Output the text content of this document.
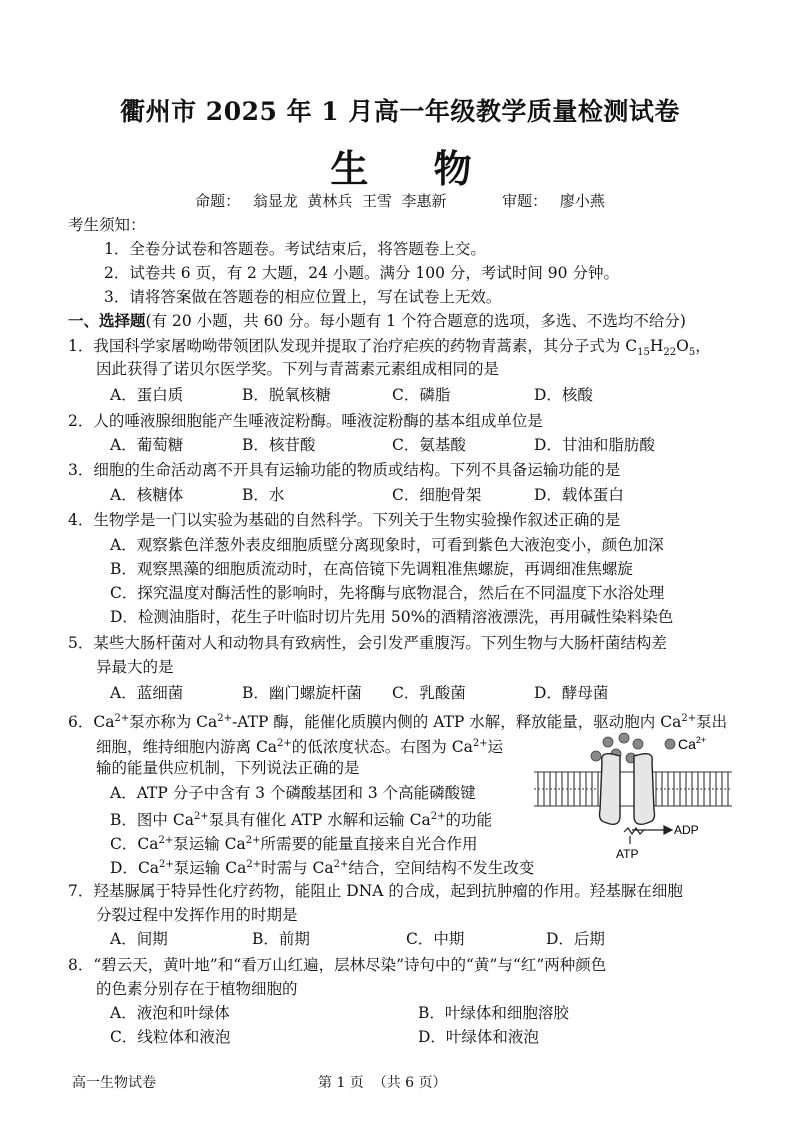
衢州市 2025 年 1 月高一年级教学质量检测试卷
生 物
命题： 翁显龙  黄林兵  王雪  李惠新	审题： 廖小燕
考生须知：
1．全卷分试卷和答题卷。考试结束后，将答题卷上交。
2．试卷共 6 页，有 2 大题，24 小题。满分 100 分，考试时间 90 分钟。
3．请将答案做在答题卷的相应位置上，写在试卷上无效。
一、选择题(有 20 小题，共 60 分。每小题有 1 个符合题意的选项，多选、不选均不给分)
1．我国科学家屠呦呦带领团队发现并提取了治疗疟疾的药物青蒿素，其分子式为 $C_{15}H_{22}O_5$，
因此获得了诺贝尔医学奖。下列与青蒿素元素组成相同的是
A．蛋白质	B．脱氧核糖	C．磷脂	D．核酸
2．人的唾液腺细胞能产生唾液淀粉酶。唾液淀粉酶的基本组成单位是
A．葡萄糖	B．核苷酸	C．氨基酸	D．甘油和脂肪酸
3．细胞的生命活动离不开具有运输功能的物质或结构。下列不具备运输功能的是
A．核糖体	B．水	C．细胞骨架	D．载体蛋白
4．生物学是一门以实验为基础的自然科学。下列关于生物实验操作叙述正确的是
A．观察紫色洋葱外表皮细胞质壁分离现象时，可看到紫色大液泡变小，颜色加深
B．观察黑藻的细胞质流动时，在高倍镜下先调粗准焦螺旋，再调细准焦螺旋
C．探究温度对酶活性的影响时，先将酶与底物混合，然后在不同温度下水浴处理
D．检测油脂时，花生子叶临时切片先用 50%的酒精溶液漂洗，再用碱性染料染色
5．某些大肠杆菌对人和动物具有致病性，会引发严重腹泻。下列生物与大肠杆菌结构差
异最大的是
A．蓝细菌	B．幽门螺旋杆菌 C．乳酸菌	D．酵母菌
6．$Ca^{2+}$泵亦称为 $Ca^{2+}$-ATP 酶，能催化质膜内侧的 ATP 水解，释放能量，驱动胞内 $Ca^{2+}$泵出
细胞，维持细胞内游离 $Ca^{2+}$的低浓度状态。右图为 $Ca^{2+}$运
输的能量供应机制，下列说法正确的是
A．ATP 分子中含有 3 个磷酸基团和 3 个高能磷酸键
B．图中 $Ca^{2+}$泵具有催化 ATP 水解和运输 $Ca^{2+}$的功能
C．$Ca^{2+}$泵运输 $Ca^{2+}$所需要的能量直接来自光合作用
D．$Ca^{2+}$泵运输 $Ca^{2+}$时需与 $Ca^{2+}$结合，空间结构不发生改变
$Ca^{2+}$
ADP
ATP
7．羟基脲属于特异性化疗药物，能阻止 DNA 的合成，起到抗肿瘤的作用。羟基脲在细胞
分裂过程中发挥作用的时期是
A．间期	B．前期	C．中期	D．后期
8．“碧云天，黄叶地”和“看万山红遍，层林尽染”诗句中的“黄”与“红”两种颜色
的色素分别存在于植物细胞的
A．液泡和叶绿体	B．叶绿体和细胞溶胶
C．线粒体和液泡	D．叶绿体和液泡
高一生物试卷	第 1 页  （共 6 页）
